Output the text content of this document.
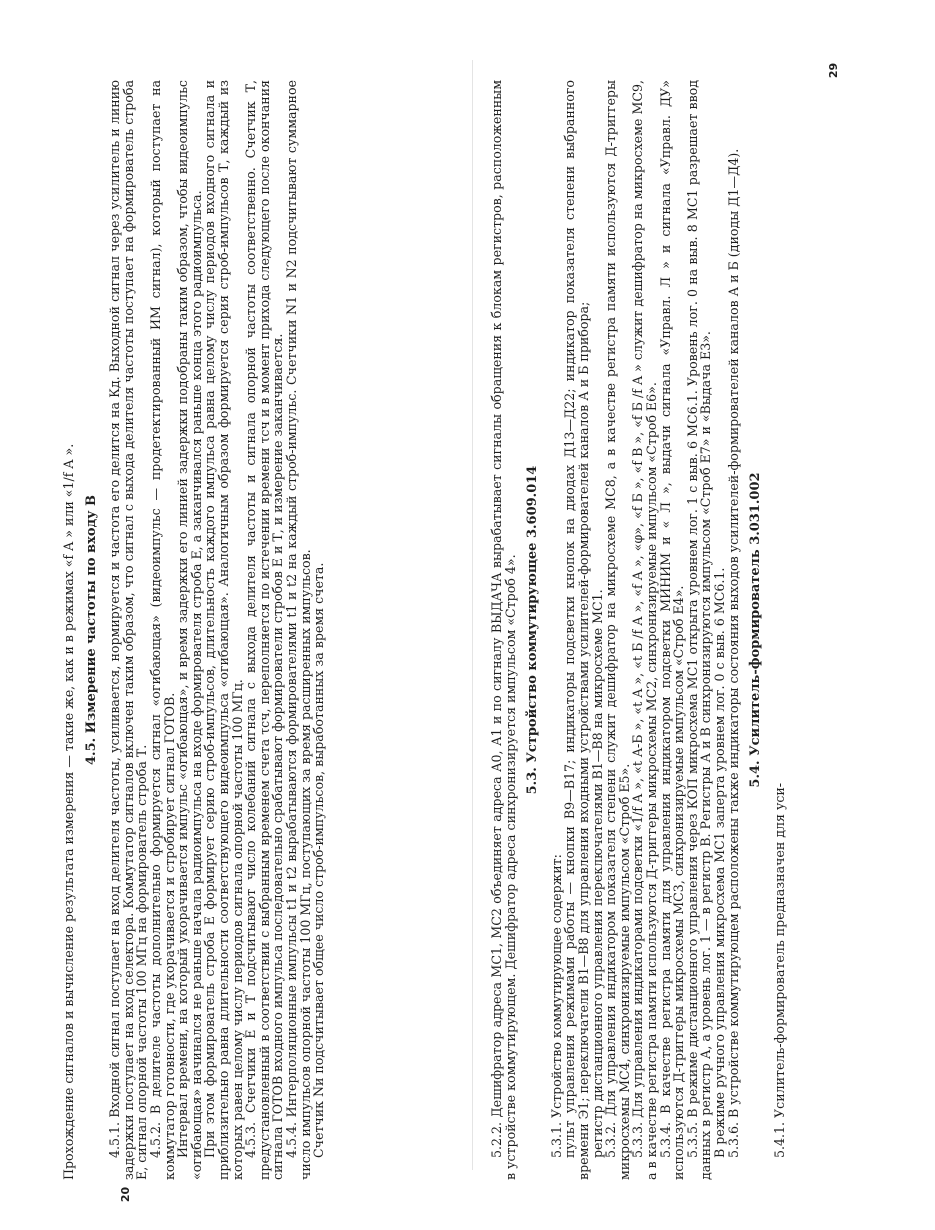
Прохождение сигналов и вычисление результата измерения — такие же, как и в режимах «f A » или «1/f A ». 4.5. Измерение частоты по входу В 4.5.1. Входной сигнал поступает на вход делителя частоты, усиливается, нормируется и частота его делится на Кд. Выходной сигнал через усилитель и линию задержки поступает на вход селектора. Коммутатор сигналов включен таким образом, что сигнал с выхода делителя частоты поступает на формирователь строба Е, сигнал опорной частоты 100 МГц на формирователь строба Т.

4.5.2. В делителе частоты дополнительно формируется сигнал «огибающая» (видеоимпульс — продетектированный ИМ сигнал), который поступает на коммутатор готовности, где укорачивается и стробирует сигнал ГОТОВ.

Интервал времени, на который укорачивается импульс «огибающая», и время задержки его линией задержки подобраны таким образом, чтобы видеоимпульс «огибающая» начинался не раньше начала радиоимпульса на входе формирователя строба Е, а заканчивался раньше конца этого радиоимпульса.

При этом формирователь строба Е формирует серию строб-импульсов, длительность каждого импульса равна целому числу периодов входного сигнала и приблизительно равна длительности соответствующего видеоимпульса «огибающая». Аналогичным образом формируется серия строб-импульсов Т, каждый из которых равен целому числу периодов сигнала опорной частоты 100 МГц.

4.5.3. Счетчики Е и Т подсчитывают число колебаний сигнала с выхода делителя частоты и сигнала опорной частоты соответственно. Счетчик Т, предустановленный в соответствии с выбранным временем счета τсч, переполняется по истечении времени τсч и в момент прихода следующего после окончания сигнала ГОТОВ входного импульса последовательно срабатывают формирователи стробов Е и Т, и измерение заканчивается.

4.5.4. Интерполяционные импульсы t1 и t2 вырабатываются формирователями t1 и t2 на каждый строб-импульс. Счетчики N1 и N2 подсчитывают суммарное число импульсов опорной частоты 100 МГц, поступающих за время расширенных импульсов.

Счетчик Nи подсчитывает общее число строб-импульсов, выработанных за время счета.

20

5.2.2. Дешифратор адреса МС1, МС2 объединяет адреса А0, А1 и по сигналу ВЫДАЧА вырабатывает сигналы обращения к блокам регистров, расположенным в устройстве коммутирующем. Дешифратор адреса синхронизируется импульсом «Строб 4». 5.3. Устройство коммутирующее 3.609.014

5.3.1. Устройство коммутирующее содержит:

пульт управления режимами работы — кнопки В9—В17; индикаторы подсветки кнопок на диодах Д13—Д22; индикатор показателя степени выбранного времени Э1; переключатели В1—В8 для управления входными устройствами усилителей-формирователей каналов А и Б прибора;

регистр дистанционного управления переключателями В1—В8 на микросхеме МС1.

5.3.2. Для управления индикатором показателя степени служит дешифратор на микросхеме МС8, а в качестве регистра памяти используются Д-триггеры микросхемы МС4, синхронизируемые импульсом «Строб Е5».

5.3.3. Для управления индикаторами подсветки «1/f A », «t A-Б », «t A », «t Б /f A », «f A », «φ», «f Б », «f B », «f Б /f A » служит дешифратор на микросхеме МС9, а в качестве регистра памяти используются Д-триггеры микросхемы МС2, синхронизируемые импульсом «Строб Е6».

5.3.4. В качестве регистра памяти для управления индикатором подсветки МИНИМ и « Л », выдачи сигнала «Управл. Л » и сигнала «Управл. ДУ» используются Д-триггеры микросхемы МС3, синхронизируемые импульсом «Строб Е4».

5.3.5. В режиме дистанционного управления через КОП микросхема МС1 открыта уровнем лог. 1 с выв. 6 МС6.1. Уровень лог. 0 на выв. 8 МС1 разрешает ввод данных в регистр А, а уровень лог. 1 — в регистр В. Регистры А и В синхронизируются импульсом «Строб Е7» и «Выдача Е3».

В режиме ручного управления микросхема МС1 заперта уровнем лог. 0 с выв. 6 МС6.1.

5.3.6. В устройстве коммутирующем расположены также индикаторы состояния выходов усилителей-формирователей каналов А и Б (диоды Д1—Д4). 5.4. Усилитель-формирователь 3.031.002

5.4.1. Усилитель-формирователь предназначен для уси-

29
